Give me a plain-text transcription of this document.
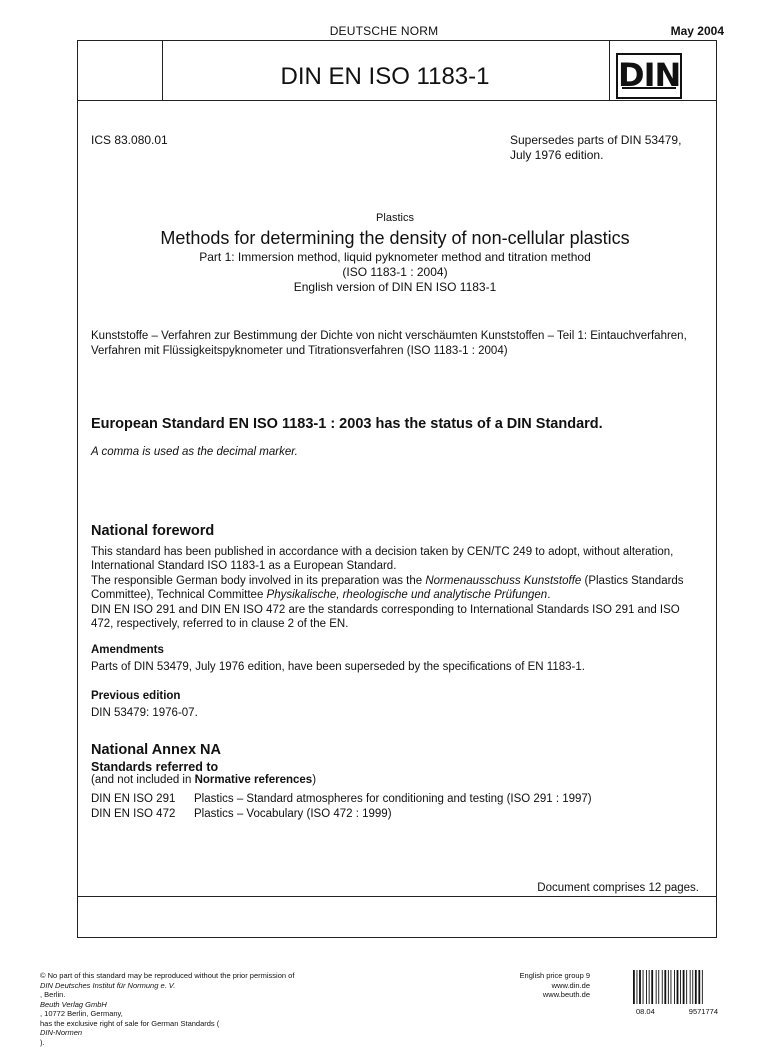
DEUTSCHE NORM	May 2004
DIN EN ISO 1183-1	DIN
ICS 83.080.01	Supersedes parts of DIN 53479,
July 1976 edition.
Plastics
Methods for determining the density of non-cellular plastics
Part 1: Immersion method, liquid pyknometer method and titration method
(ISO 1183-1 : 2004)
English version of DIN EN ISO 1183-1
Kunststoffe – Verfahren zur Bestimmung der Dichte von nicht verschäumten Kunststoffen – Teil 1: Eintauchverfahren, Verfahren mit Flüssigkeitspyknometer und Titrationsverfahren (ISO 1183-1 : 2004)
European Standard EN ISO 1183-1 : 2003 has the status of a DIN Standard.
A comma is used as the decimal marker.
National foreword
This standard has been published in accordance with a decision taken by CEN/TC 249 to adopt, without alteration, International Standard ISO 1183-1 as a European Standard.
The responsible German body involved in its preparation was the Normenausschuss Kunststoffe (Plastics Standards Committee), Technical Committee Physikalische, rheologische und analytische Prüfungen.
DIN EN ISO 291 and DIN EN ISO 472 are the standards corresponding to International Standards ISO 291 and ISO 472, respectively, referred to in clause 2 of the EN.
Amendments
Parts of DIN 53479, July 1976 edition, have been superseded by the specifications of EN 1183-1.
Previous edition
DIN 53479: 1976-07.
National Annex NA
Standards referred to
(and not included in Normative references)
DIN EN ISO 291 Plastics – Standard atmospheres for conditioning and testing (ISO 291 : 1997)
DIN EN ISO 472 Plastics – Vocabulary (ISO 472 : 1999)
Document comprises 12 pages.
© No part of this standard may be reproduced without the prior permission of
DIN Deutsches Institut für Normung e. V.
, Berlin.
Beuth Verlag GmbH
, 10772 Berlin, Germany,
has the exclusive right of sale for German Standards (
DIN-Normen
).
English price group 9
www.din.de
www.beuth.de
08.04	9571774
